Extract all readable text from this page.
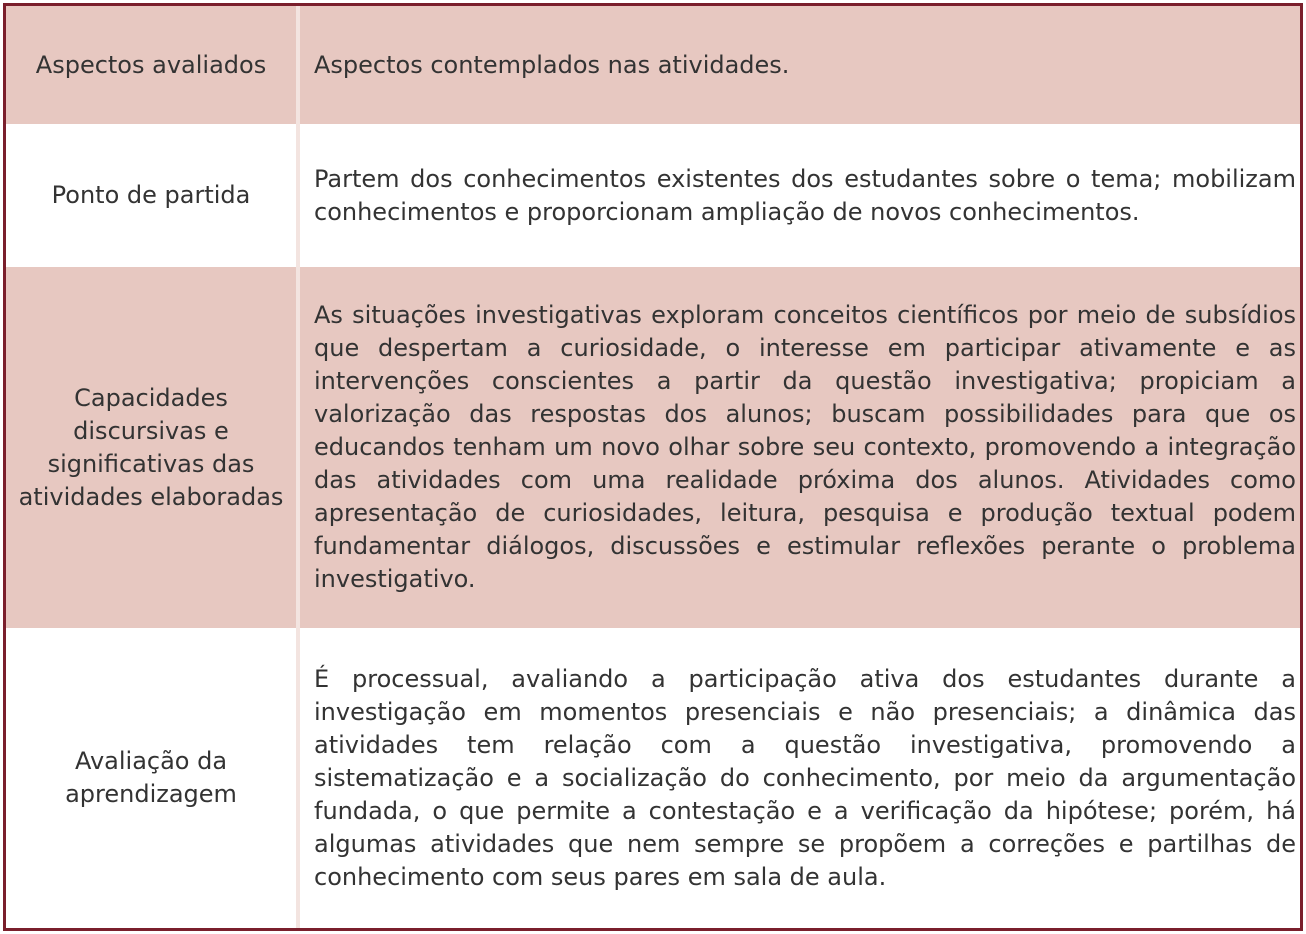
Aspectos avaliados Aspectos contemplados nas atividades.

Ponto de partida

Partem dos conhecimentos existentes dos estudantes sobre o tema; mobilizam conhecimentos e proporcionam ampliação de novos conhecimentos.

Capacidades discursivas e significativas das atividades elaboradas

As situações investigativas exploram conceitos científicos por meio de subsídios que despertam a curiosidade, o interesse em participar ativamente e as intervenções conscientes a partir da questão investigativa; propiciam a valorização das respostas dos alunos; buscam possibilidades para que os educandos tenham um novo olhar sobre seu contexto, promovendo a integração das atividades com uma realidade próxima dos alunos. Atividades como apresentação de curiosidades, leitura, pesquisa e produção textual podem fundamentar diálogos, discussões e estimular reflexões perante o problema investigativo.

Avaliação da aprendizagem

É processual, avaliando a participação ativa dos estudantes durante a investigação em momentos presenciais e não presenciais; a dinâmica das atividades tem relação com a questão investigativa, promovendo a sistematização e a socialização do conhecimento, por meio da argumentação fundada, o que permite a contestação e a verificação da hipótese; porém, há algumas atividades que nem sempre se propõem a correções e partilhas de conhecimento com seus pares em sala de aula.
